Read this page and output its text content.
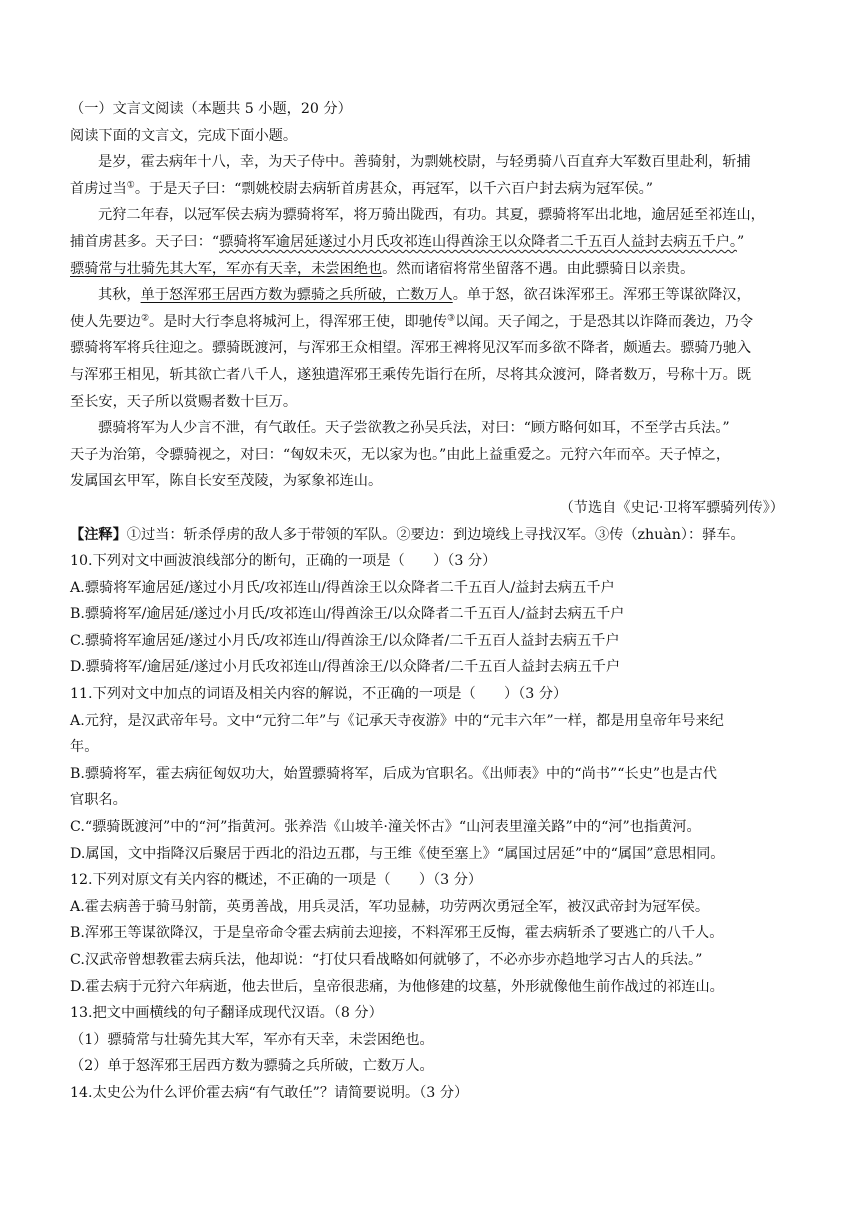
（一）文言文阅读（本题共 5 小题，20 分）
阅读下面的文言文，完成下面小题。
是岁，霍去病年十八，幸，为天子侍中。善骑射，为剽姚校尉，与轻勇骑八百直弃大军数百里赴利，斩捕
首虏过当①。于是天子曰：“剽姚校尉去病斩首虏甚众，再冠军，以千六百户封去病为冠军侯。”
元狩二年春，以冠军侯去病为骠骑将军，将万骑出陇西，有功。其夏，骠骑将军出北地，逾居延至祁连山，
捕首虏甚多。天子曰：“骠骑将军逾居延遂过小月氏攻祁连山得酋涂王以众降者二千五百人益封去病五千户。”
骠骑常与壮骑先其大军，军亦有天幸，未尝困绝也。然而诸宿将常坐留落不遇。由此骠骑日以亲贵。
其秋，单于怒浑邪王居西方数为骠骑之兵所破，亡数万人。单于怒，欲召诛浑邪王。浑邪王等谋欲降汉，
使人先要边②。是时大行李息将城河上，得浑邪王使，即驰传③以闻。天子闻之，于是恐其以诈降而袭边，乃令
骠骑将军将兵往迎之。骠骑既渡河，与浑邪王众相望。浑邪王裨将见汉军而多欲不降者，颇遁去。骠骑乃驰入
与浑邪王相见，斩其欲亡者八千人，遂独遣浑邪王乘传先诣行在所，尽将其众渡河，降者数万，号称十万。既
至长安，天子所以赏赐者数十巨万。
骠骑将军为人少言不泄，有气敢任。天子尝欲教之孙吴兵法，对曰：“顾方略何如耳，不至学古兵法。”
天子为治第，令骠骑视之，对曰：“匈奴未灭，无以家为也。”由此上益重爱之。元狩六年而卒。天子悼之，
发属国玄甲军，陈自长安至茂陵，为冢象祁连山。
（节选自《史记·卫将军骠骑列传》）
【注释】①过当：斩杀俘虏的敌人多于带领的军队。②要边：到边境线上寻找汉军。③传（zhuàn）：驿车。
10.下列对文中画波浪线部分的断句，正确的一项是（　　）（3 分）
A.骠骑将军逾居延/遂过小月氏/攻祁连山/得酋涂王以众降者二千五百人/益封去病五千户
B.骠骑将军/逾居延/遂过小月氏/攻祁连山/得酋涂王/以众降者二千五百人/益封去病五千户
C.骠骑将军逾居延/遂过小月氏/攻祁连山/得酋涂王/以众降者/二千五百人益封去病五千户
D.骠骑将军/逾居延/遂过小月氏攻祁连山/得酋涂王/以众降者/二千五百人益封去病五千户
11.下列对文中加点的词语及相关内容的解说，不正确的一项是（　　）（3 分）
A.元狩，是汉武帝年号。文中“元狩二年”与《记承天寺夜游》中的“元丰六年”一样，都是用皇帝年号来纪
年。
B.骠骑将军，霍去病征匈奴功大，始置骠骑将军，后成为官职名。《出师表》中的“尚书”“长史”也是古代
官职名。
C.“骠骑既渡河”中的“河”指黄河。张养浩《山坡羊·潼关怀古》“山河表里潼关路”中的“河”也指黄河。
D.属国，文中指降汉后聚居于西北的沿边五郡，与王维《使至塞上》“属国过居延”中的“属国”意思相同。
12.下列对原文有关内容的概述，不正确的一项是（　　）（3 分）
A.霍去病善于骑马射箭，英勇善战，用兵灵活，军功显赫，功劳两次勇冠全军，被汉武帝封为冠军侯。
B.浑邪王等谋欲降汉，于是皇帝命令霍去病前去迎接，不料浑邪王反悔，霍去病斩杀了要逃亡的八千人。
C.汉武帝曾想教霍去病兵法，他却说：“打仗只看战略如何就够了，不必亦步亦趋地学习古人的兵法。”
D.霍去病于元狩六年病逝，他去世后，皇帝很悲痛，为他修建的坟墓，外形就像他生前作战过的祁连山。
13.把文中画横线的句子翻译成现代汉语。（8 分）
（1）骠骑常与壮骑先其大军，军亦有天幸，未尝困绝也。
（2）单于怒浑邪王居西方数为骠骑之兵所破，亡数万人。
14.太史公为什么评价霍去病“有气敢任”？请简要说明。（3 分）
